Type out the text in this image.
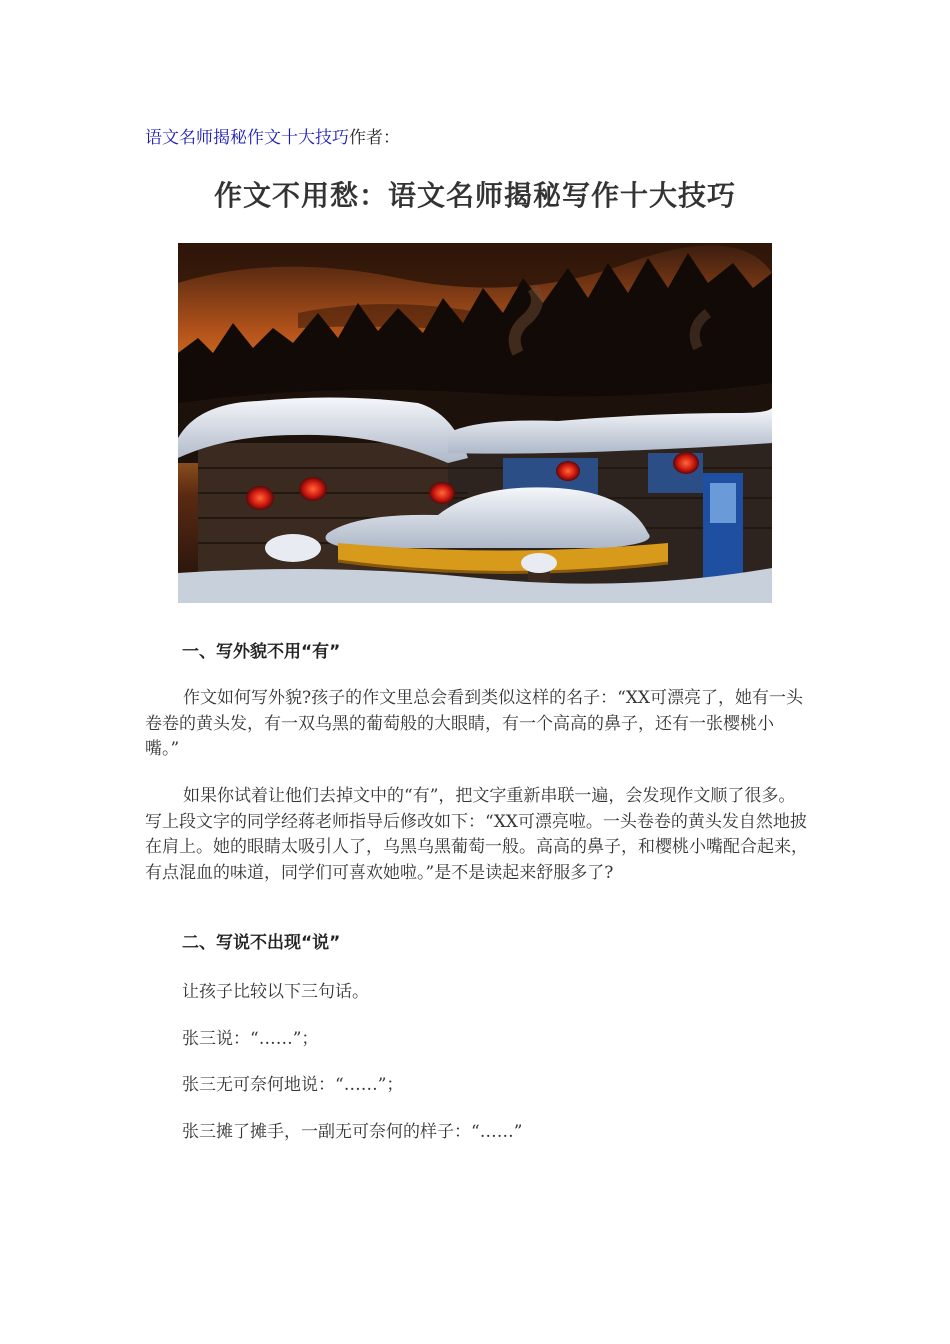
语文名师揭秘作文十大技巧作者：
作文不用愁：语文名师揭秘写作十大技巧
一、写外貌不用“有”
作文如何写外貌?孩子的作文里总会看到类似这样的名子：“XX可漂亮了，她有一头卷卷的黄头发，有一双乌黑的葡萄般的大眼睛，有一个高高的鼻子，还有一张樱桃小嘴。”
如果你试着让他们去掉文中的“有”，把文字重新串联一遍，会发现作文顺了很多。写上段文字的同学经蒋老师指导后修改如下：“XX可漂亮啦。一头卷卷的黄头发自然地披在肩上。她的眼睛太吸引人了，乌黑乌黑葡萄一般。高高的鼻子，和樱桃小嘴配合起来，有点混血的味道，同学们可喜欢她啦。”是不是读起来舒服多了?
二、写说不出现“说”
让孩子比较以下三句话。
张三说：“……”；
张三无可奈何地说：“……”；
张三摊了摊手，一副无可奈何的样子：“……”
